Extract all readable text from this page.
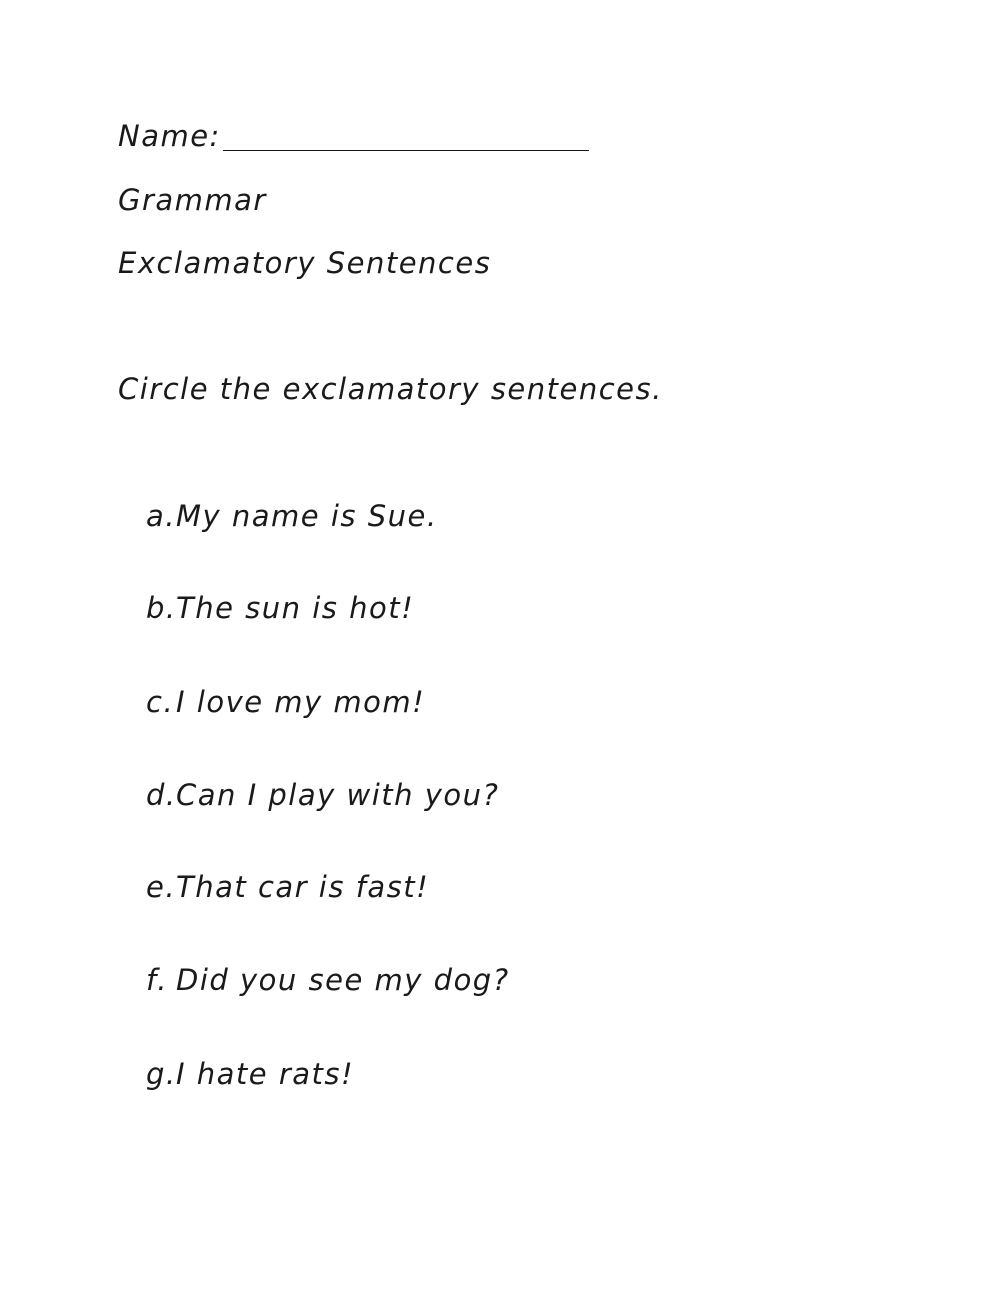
Name:
Grammar
Exclamatory Sentences
Circle the exclamatory sentences.
a.My name is Sue.
b.The sun is hot!
c.I love my mom!
d.Can I play with you?
e.That car is fast!
f. Did you see my dog?
g.I hate rats!
